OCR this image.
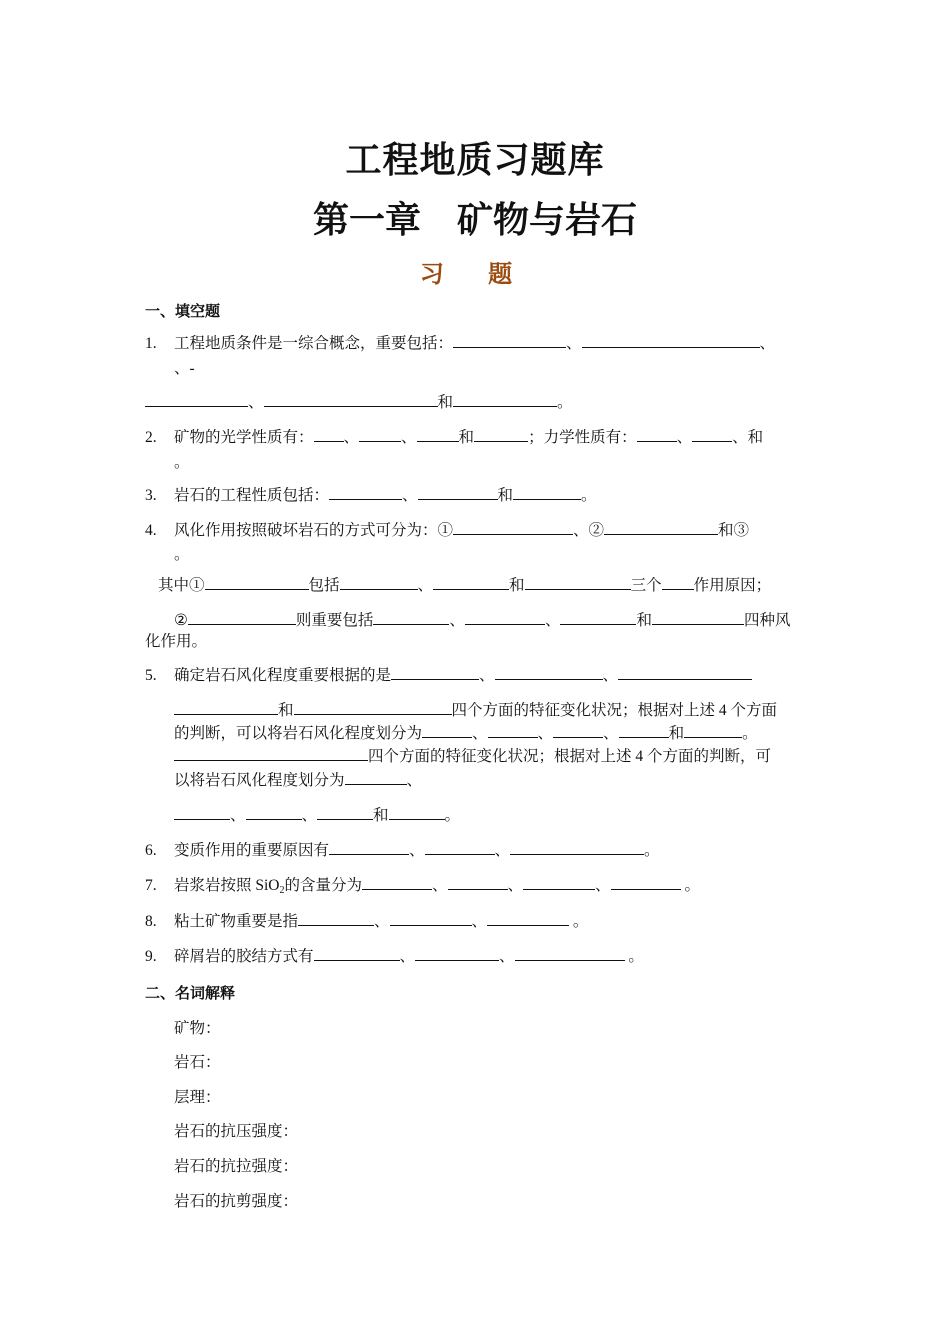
工程地质习题库
第一章　矿物与岩石
习 题
一、填空题
1. 工程地质条件是一综合概念，重要包括：	、	、
、-
、	和	。
2. 矿物的光学性质有： 、	、	和	；力学性质有：	、	、和
。
3. 岩石的工程性质包括：	、	和	。
4. 风化作用按照破坏岩石的方式可分为：①	、②	和③
。
其中①	包括	、	和	三个 作用原因；
②	则重要包括	、	、	和	四种风
化作用。
5. 确定岩石风化程度重要根据的是	、	、
和	四个方面的特征变化状况；根据对上述 4 个方面
的判断，可以将岩石风化程度划分为	、	、	、	和	。
四个方面的特征变化状况；根据对上述 4 个方面的判断，可
以将岩石风化程度划分为	、
、	、	和	。
6. 变质作用的重要原因有	、	、	。
7. 岩浆岩按照 SiO$_2$的含量分为	、	、	、	。
8. 粘土矿物重要是指	、	、	。
9. 碎屑岩的胶结方式有	、	、	。
二、名词解释
矿物：
岩石：
层理：
岩石的抗压强度：
岩石的抗拉强度：
岩石的抗剪强度：
